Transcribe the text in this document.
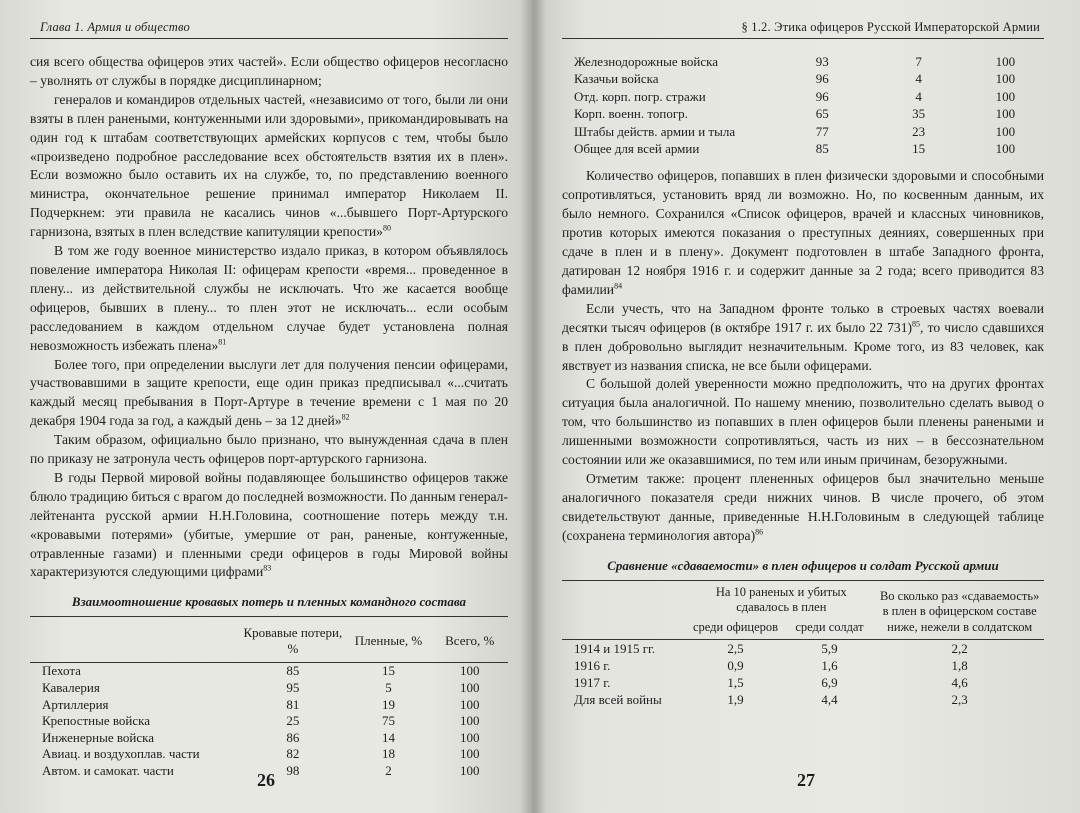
Глава 1. Армия и общество

сия всего общества офицеров этих частей». Если общество офицеров несогласно – уволнять от службы в порядке дисциплинарном;

генералов и командиров отдельных частей, «независимо от того, были ли они взяты в плен ранеными, контуженными или здоровыми», прикомандировывать на один год к штабам соответствующих армейских корпусов с тем, чтобы было «произведено подробное расследование всех обстоятельств взятия их в плен». Если возможно было оставить их на службе, то, по представлению военного министра, окончательное решение принимал император Николаем II. Подчеркнем: эти правила не касались чинов «...бывшего Порт-Артурского гарнизона, взятых в плен вследствие капитуляции крепости»$^{80}$

В том же году военное министерство издало приказ, в котором объявлялось повеление императора Николая II: офицерам крепости «время... проведенное в плену... из действительной службы не исключать. Что же касается вообще офицеров, бывших в плену... то плен этот не исключать... если особым расследованием в каждом отдельном случае будет установлена полная невозможность избежать плена»$^{81}$

Более того, при определении выслуги лет для получения пенсии офицерами, участвовавшими в защите крепости, еще один приказ предписывал «...считать каждый месяц пребывания в Порт-Артуре в течение времени с 1 мая по 20 декабря 1904 года за год, а каждый день – за 12 дней»$^{82}$

Таким образом, официально было признано, что вынужденная сдача в плен по приказу не затронула честь офицеров порт-артурского гарнизона.

В годы Первой мировой войны подавляющее большинство офицеров также блюло традицию биться с врагом до последней возможности. По данным генерал-лейтенанта русской армии Н.Н.Головина, соотношение потерь между т.н. «кровавыми потерями» (убитые, умершие от ран, раненые, контуженные, отравленные газами) и пленными среди офицеров в годы Мировой войны характеризуются следующими цифрами$^{83}$

Взаимоотношение кровавых потерь и пленных командного состава
	Кровавые потери, %	Пленные, %	Всего, %
Пехота	85	15	100
Кавалерия	95	5	100
Артиллерия	81	19	100
Крепостные войска	25	75	100
Инженерные войска	86	14	100
Авиац. и воздухоплав. части	82	18	100
Автом. и самокат. части	98	2	100
26
§ 1.2. Этика офицеров Русской Императорской Армии
Железнодорожные войска	93	7	100
Казачьи войска	96	4	100
Отд. корп. погр. стражи	96	4	100
Корп. военн. топогр.	65	35	100
Штабы действ. армии и тыла	77	23	100
Общее для всей армии	85	15	100

Количество офицеров, попавших в плен физически здоровыми и способными сопротивляться, установить вряд ли возможно. Но, по косвенным данным, их было немного. Сохранился «Список офицеров, врачей и классных чиновников, против которых имеются показания о преступных деяниях, совершенных при сдаче в плен и в плену». Документ подготовлен в штабе Западного фронта, датирован 12 ноября 1916 г. и содержит данные за 2 года; всего приводится 83 фамилии$^{84}$

Если учесть, что на Западном фронте только в строевых частях воевали десятки тысяч офицеров (в октябре 1917 г. их было 22 731)$^{85}$, то число сдавшихся в плен добровольно выглядит незначительным. Кроме того, из 83 человек, как явствует из названия списка, не все были офицерами.

С большой долей уверенности можно предположить, что на других фронтах ситуация была аналогичной. По нашему мнению, позволительно сделать вывод о том, что большинство из попавших в плен офицеров были пленены ранеными и лишенными возможности сопротивляться, часть из них – в бессознательном состоянии или же оказавшимися, по тем или иным причинам, безоружными.

Отметим также: процент плененных офицеров был значительно меньше аналогичного показателя среди нижних чинов. В числе прочего, об этом свидетельствуют данные, приведенные Н.Н.Головиным в следующей таблице (сохранена терминология автора)$^{86}$

Сравнение «сдаваемости» в плен офицеров и солдат Русской армии
	На 10 раненых и убитых сдавалось в плен		Во сколько раз «сдаваемость» в плен в офицерском составе ниже, нежели в солдатском
	среди офицеров	среди солдат	
1914 и 1915 гг.	2,5	5,9	2,2
1916 г.	0,9	1,6	1,8
1917 г.	1,5	6,9	4,6
Для всей войны	1,9	4,4	2,3
27
